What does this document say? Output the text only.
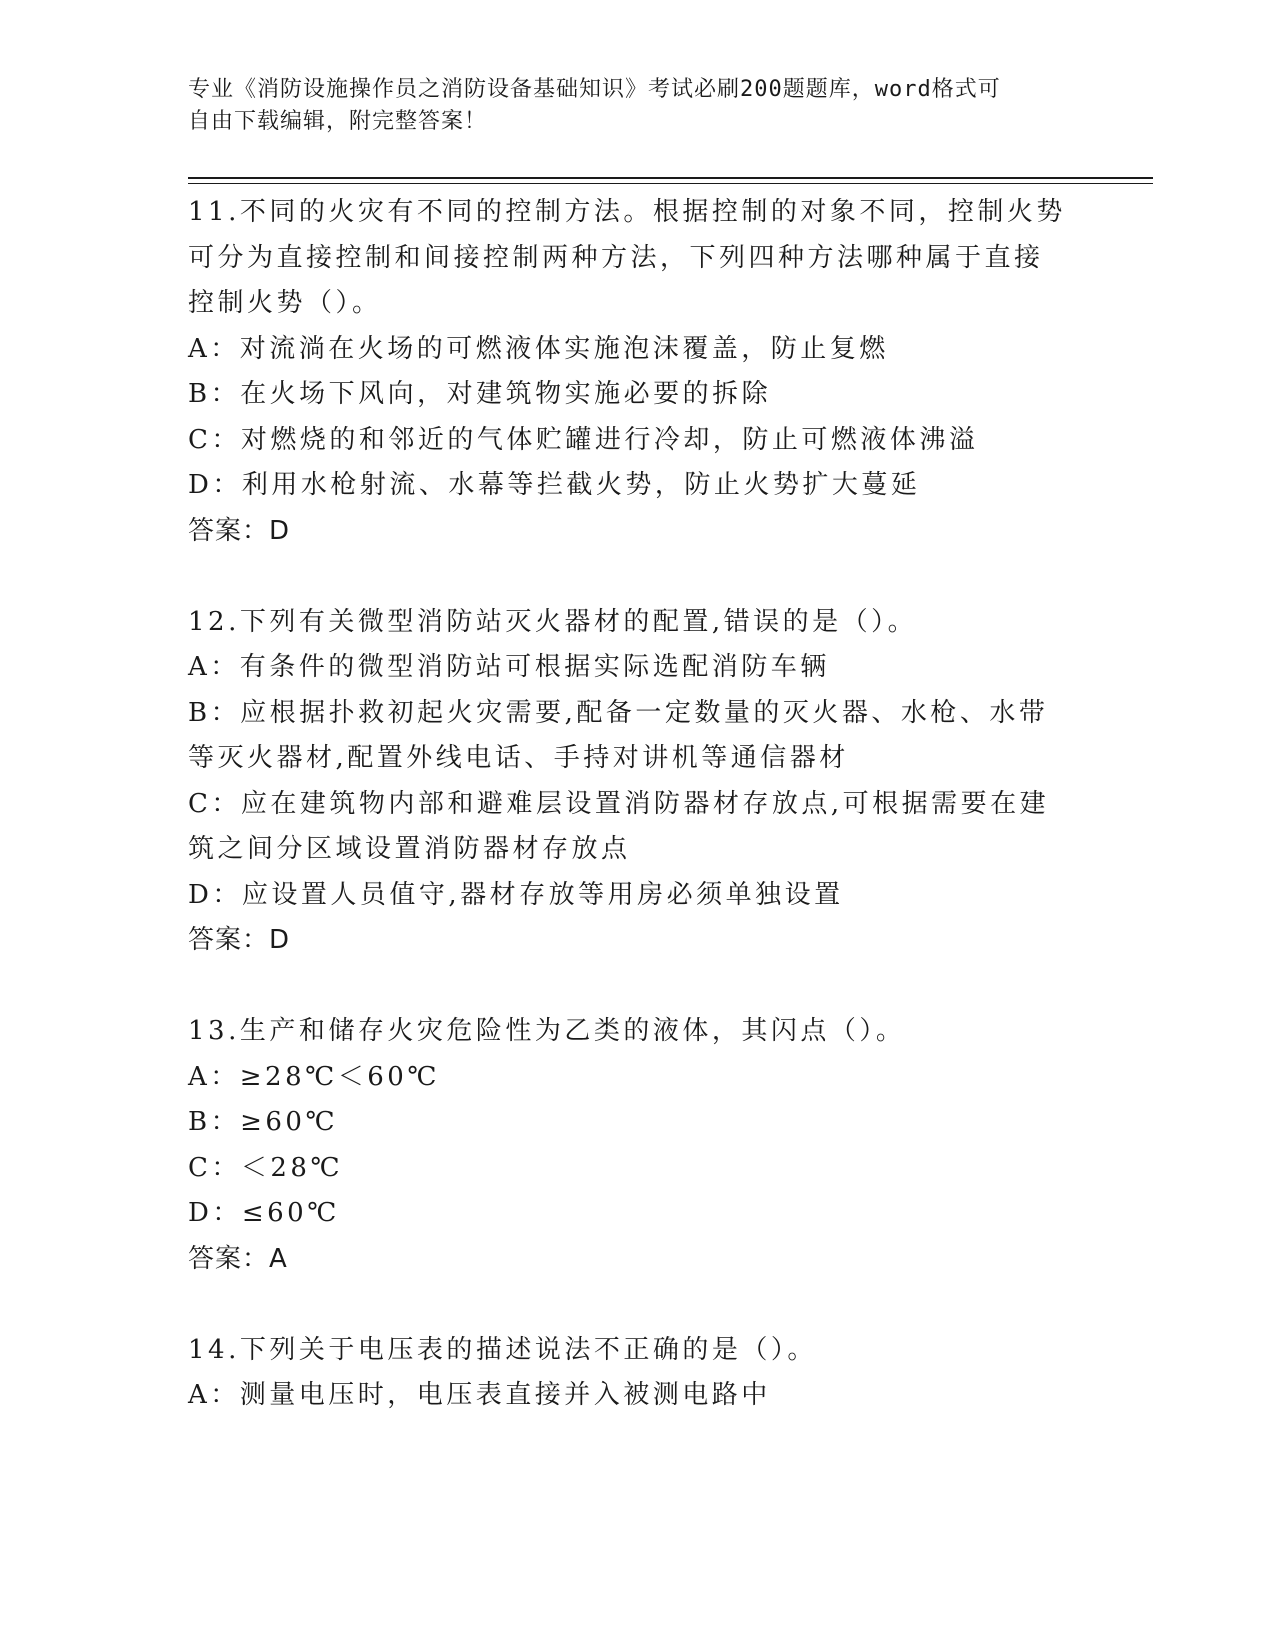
专业《消防设施操作员之消防设备基础知识》考试必刷200题题库，word格式可
自由下载编辑，附完整答案！
11.不同的火灾有不同的控制方法。根据控制的对象不同，控制火势可分为直接控制和间接控制两种方法，下列四种方法哪种属于直接控制火势（）。
A：对流淌在火场的可燃液体实施泡沫覆盖，防止复燃
B：在火场下风向，对建筑物实施必要的拆除
C：对燃烧的和邻近的气体贮罐进行冷却，防止可燃液体沸溢
D：利用水枪射流、水幕等拦截火势，防止火势扩大蔓延
答案：D
12.下列有关微型消防站灭火器材的配置,错误的是（）。
A：有条件的微型消防站可根据实际选配消防车辆
B：应根据扑救初起火灾需要,配备一定数量的灭火器、水枪、水带等灭火器材,配置外线电话、手持对讲机等通信器材
C：应在建筑物内部和避难层设置消防器材存放点,可根据需要在建筑之间分区域设置消防器材存放点
D：应设置人员值守,器材存放等用房必须单独设置
答案：D
13.生产和储存火灾危险性为乙类的液体，其闪点（）。
A：≥28℃＜60℃
B：≥60℃
C：＜28℃
D：≤60℃
答案：A
14.下列关于电压表的描述说法不正确的是（）。
A：测量电压时，电压表直接并入被测电路中
